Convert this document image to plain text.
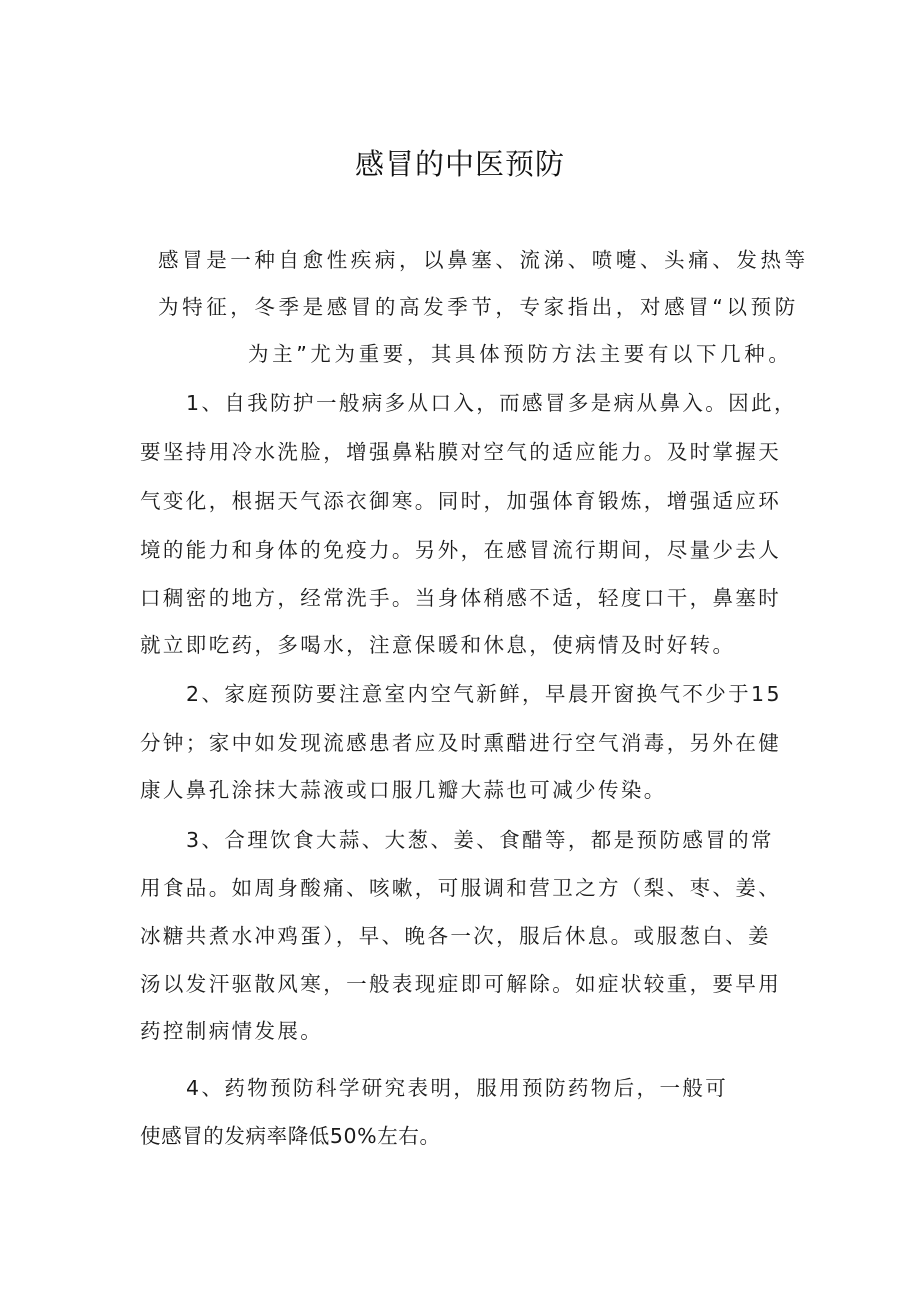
感冒的中医预防
感冒是一种自愈性疾病，以鼻塞、流涕、喷嚏、头痛、发热等
为特征，冬季是感冒的高发季节，专家指出，对感冒“以预防
为主”尤为重要，其具体预防方法主要有以下几种。
1、自我防护一般病多从口入，而感冒多是病从鼻入。因此，
要坚持用冷水洗脸，增强鼻粘膜对空气的适应能力。及时掌握天
气变化，根据天气添衣御寒。同时，加强体育锻炼，增强适应环
境的能力和身体的免疫力。另外，在感冒流行期间，尽量少去人
口稠密的地方，经常洗手。当身体稍感不适，轻度口干，鼻塞时
就立即吃药，多喝水，注意保暖和休息，使病情及时好转。
2、家庭预防要注意室内空气新鲜，早晨开窗换气不少于15
分钟；家中如发现流感患者应及时熏醋进行空气消毒，另外在健
康人鼻孔涂抹大蒜液或口服几瓣大蒜也可减少传染。
3、合理饮食大蒜、大葱、姜、食醋等，都是预防感冒的常
用食品。如周身酸痛、咳嗽，可服调和营卫之方（梨、枣、姜、
冰糖共煮水冲鸡蛋），早、晚各一次，服后休息。或服葱白、姜
汤以发汗驱散风寒，一般表现症即可解除。如症状较重，要早用
药控制病情发展。
4、药物预防科学研究表明，服用预防药物后，一般可
使感冒的发病率降低50%左右。
